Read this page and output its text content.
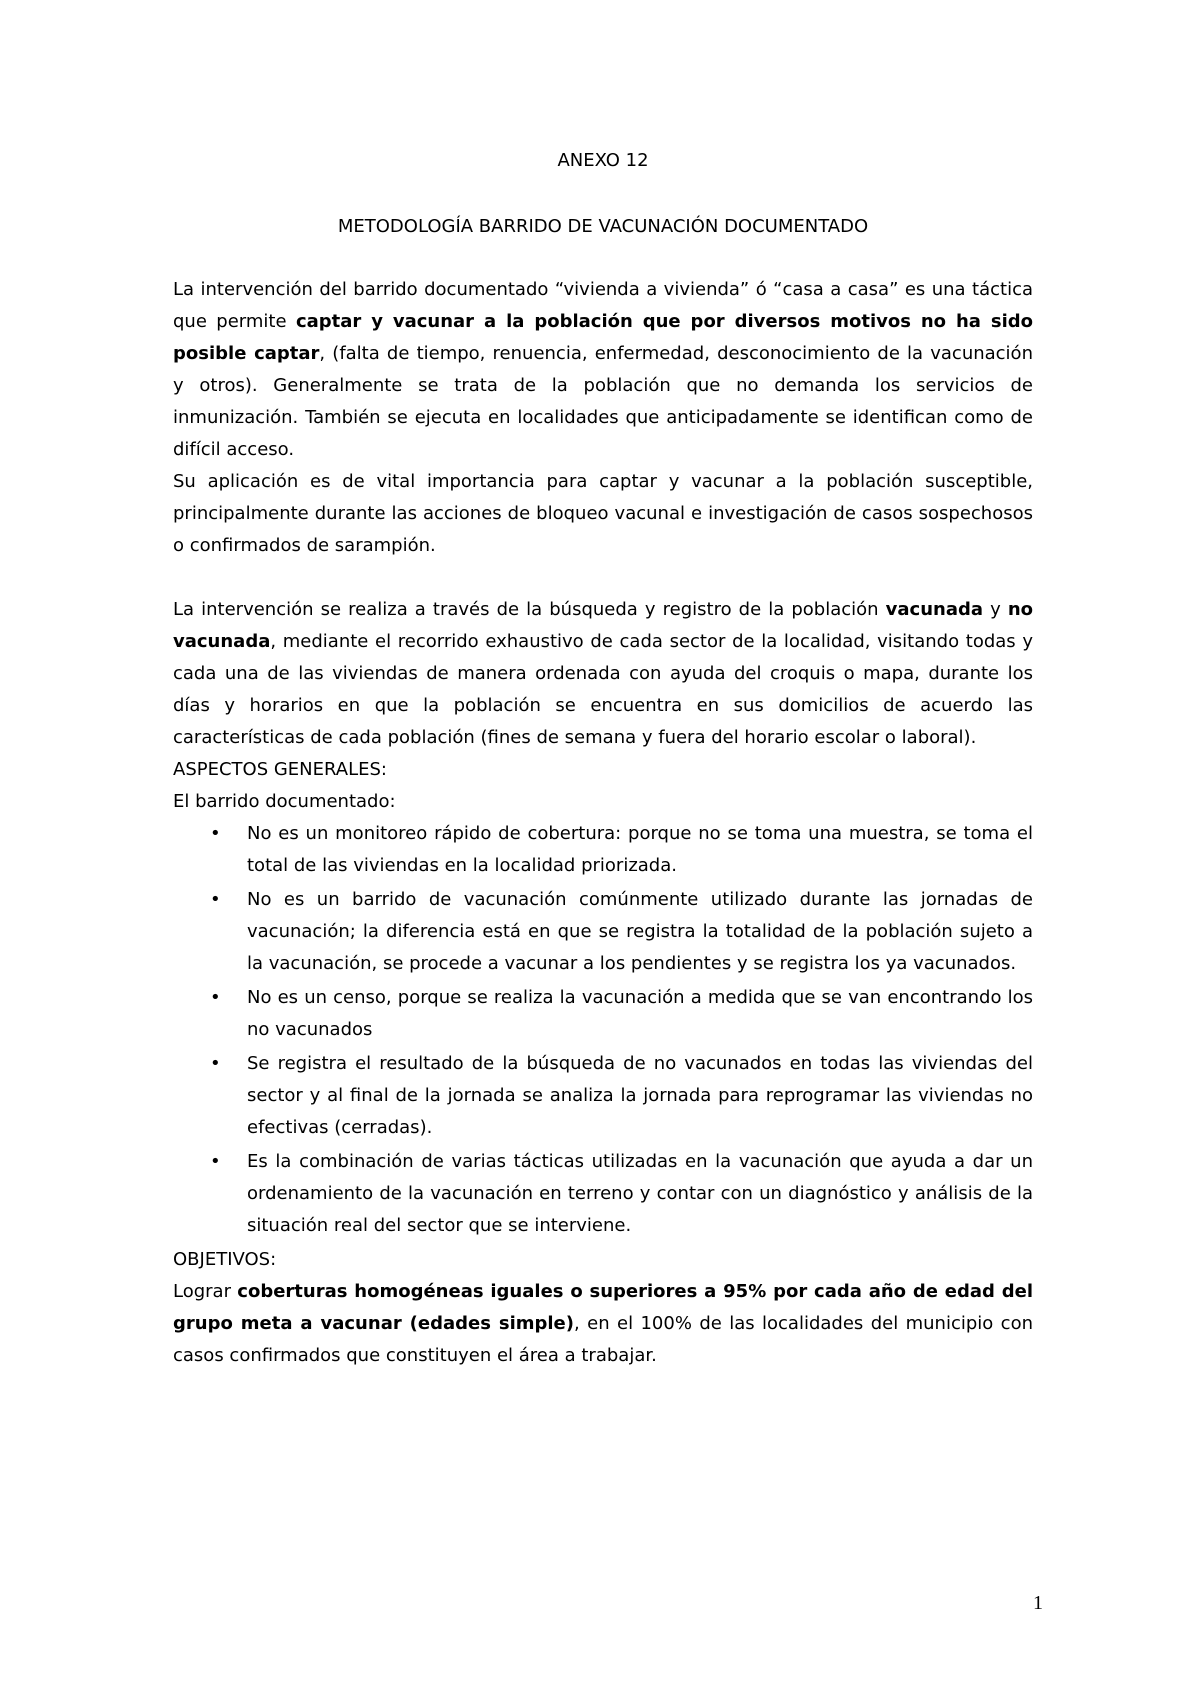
ANEXO 12
METODOLOGÍA BARRIDO DE VACUNACIÓN DOCUMENTADO

La intervención del barrido documentado “vivienda a vivienda” ó “casa a casa” es una táctica que permite captar y vacunar a la población que por diversos motivos no ha sido posible captar, (falta de tiempo, renuencia, enfermedad, desconocimiento de la vacunación y otros). Generalmente se trata de la población que no demanda los servicios de inmunización. También se ejecuta en localidades que anticipadamente se identifican como de difícil acceso.

Su aplicación es de vital importancia para captar y vacunar a la población susceptible, principalmente durante las acciones de bloqueo vacunal e investigación de casos sospechosos o confirmados de sarampión.

La intervención se realiza a través de la búsqueda y registro de la población vacunada y no vacunada, mediante el recorrido exhaustivo de cada sector de la localidad, visitando todas y cada una de las viviendas de manera ordenada con ayuda del croquis o mapa, durante los días y horarios en que la población se encuentra en sus domicilios de acuerdo las características de cada población (fines de semana y fuera del horario escolar o laboral).

ASPECTOS GENERALES:

El barrido documentado:

• No es un monitoreo rápido de cobertura: porque no se toma una muestra, se toma el total de las viviendas en la localidad priorizada.
• No es un barrido de vacunación comúnmente utilizado durante las jornadas de vacunación; la diferencia está en que se registra la totalidad de la población sujeto a la vacunación, se procede a vacunar a los pendientes y se registra los ya vacunados.
• No es un censo, porque se realiza la vacunación a medida que se van encontrando los no vacunados
• Se registra el resultado de la búsqueda de no vacunados en todas las viviendas del sector y al final de la jornada se analiza la jornada para reprogramar las viviendas no efectivas (cerradas).
• Es la combinación de varias tácticas utilizadas en la vacunación que ayuda a dar un ordenamiento de la vacunación en terreno y contar con un diagnóstico y análisis de la situación real del sector que se interviene.
OBJETIVOS:

Lograr coberturas homogéneas iguales o superiores a 95% por cada año de edad del grupo meta a vacunar (edades simple), en el 100% de las localidades del municipio con casos confirmados que constituyen el área a trabajar.

1
